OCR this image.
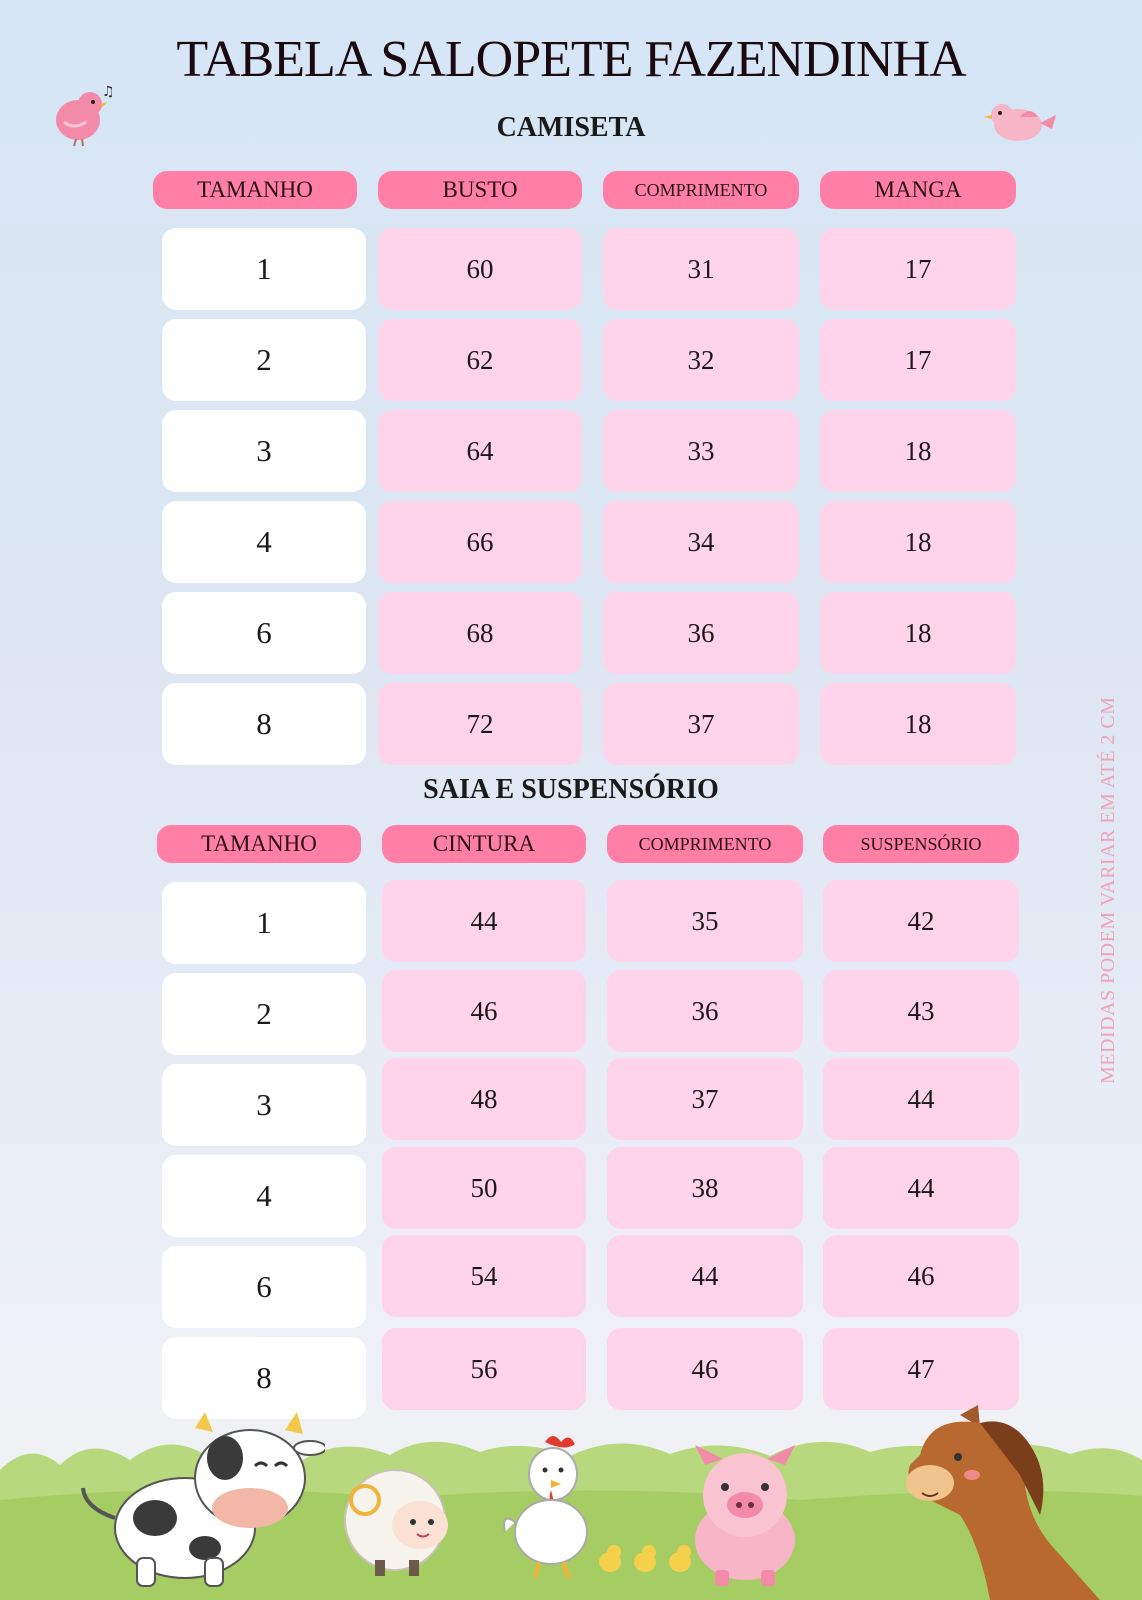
TABELA SALOPETE FAZENDINHA
♫
CAMISETA
SAIA E SUSPENSÓRIO
TAMANHO	BUSTO	COMPRIMENTO	MANGA
1	60	31	17
2	62	32	17
3	64	33	18
4	66	34	18
6	68	36	18
8	72	37	18
TAMANHO	CINTURA	COMPRIMENTO	SUSPENSÓRIO
1	44	35	42
2	46	36	43
3	48	37	44
4	50	38	44
6	54	44	46
8	56	46	47
MEDIDAS PODEM VARIAR EM ATÉ 2 CM
